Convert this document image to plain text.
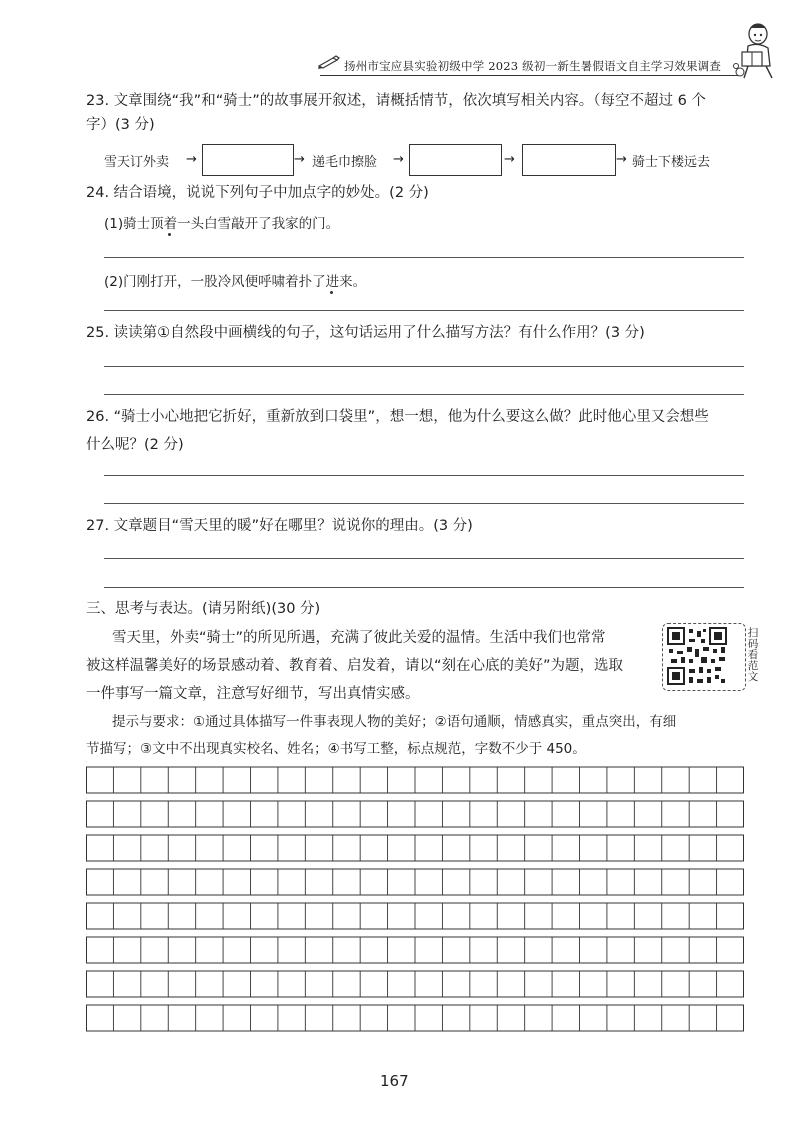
扬州市宝应县实验初级中学 2023 级初一新生暑假语文自主学习效果调查
23. 文章围绕“我”和“骑士”的故事展开叙述，请概括情节，依次填写相关内容。（每空不超过 6 个
字）(3 分)
雪天订外卖 →	→ 递毛巾擦脸 →	→	→ 骑士下楼远去
24. 结合语境，说说下列句子中加点字的妙处。(2 分)
(1)骑士顶着一头白雪敲开了我家的门。
(2)门刚打开，一股冷风便呼啸着扑了进来。
25. 读读第①自然段中画横线的句子，这句话运用了什么描写方法？有什么作用？(3 分)
26. “骑士小心地把它折好，重新放到口袋里”，想一想，他为什么要这么做？此时他心里又会想些
什么呢？(2 分)
27. 文章题目“雪天里的暖”好在哪里？说说你的理由。(3 分)
三、思考与表达。(请另附纸)(30 分)
雪天里，外卖“骑士”的所见所遇，充满了彼此关爱的温情。生活中我们也常常
被这样温馨美好的场景感动着、教育着、启发着，请以“刻在心底的美好”为题，选取
一件事写一篇文章，注意写好细节，写出真情实感。
提示与要求：①通过具体描写一件事表现人物的美好；②语句通顺，情感真实，重点突出，有细
节描写；③文中不出现真实校名、姓名；④书写工整，标点规范，字数不少于 450。
扫码看范文
167
